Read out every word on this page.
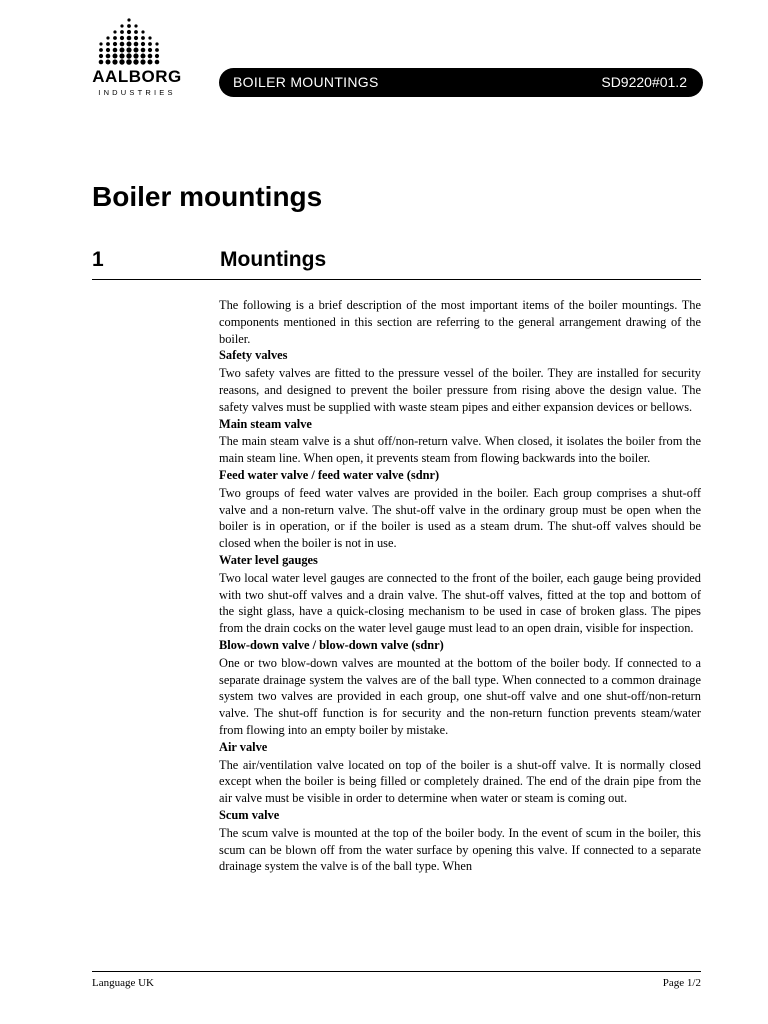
AALBORG
INDUSTRIES
BOILER MOUNTINGS	SD9220#01.2
Boiler mountings
1	Mountings

The following is a brief description of the most important items of the boiler mountings. The components mentioned in this section are referring to the general arrangement drawing of the boiler.

Safety valves

Two safety valves are fitted to the pressure vessel of the boiler. They are installed for security reasons, and designed to prevent the boiler pressure from rising above the design value. The safety valves must be supplied with waste steam pipes and either expansion devices or bellows.

Main steam valve

The main steam valve is a shut off/non-return valve. When closed, it isolates the boiler from the main steam line. When open, it prevents steam from flowing backwards into the boiler.

Feed water valve / feed water valve (sdnr)

Two groups of feed water valves are provided in the boiler. Each group comprises a shut-off valve and a non-return valve. The shut-off valve in the ordinary group must be open when the boiler is in operation, or if the boiler is used as a steam drum. The shut-off valves should be closed when the boiler is not in use.

Water level gauges

Two local water level gauges are connected to the front of the boiler, each gauge being provided with two shut-off valves and a drain valve. The shut-off valves, fitted at the top and bottom of the sight glass, have a quick-closing mechanism to be used in case of broken glass. The pipes from the drain cocks on the water level gauge must lead to an open drain, visible for inspection.

Blow-down valve / blow-down valve (sdnr)

One or two blow-down valves are mounted at the bottom of the boiler body. If connected to a separate drainage system the valves are of the ball type. When connected to a common drainage system two valves are provided in each group, one shut-off valve and one shut-off/non-return valve. The shut-off function is for security and the non-return function prevents steam/water from flowing into an empty boiler by mistake.

Air valve

The air/ventilation valve located on top of the boiler is a shut-off valve. It is normally closed except when the boiler is being filled or completely drained. The end of the drain pipe from the air valve must be visible in order to determine when water or steam is coming out.

Scum valve

The scum valve is mounted at the top of the boiler body. In the event of scum in the boiler, this scum can be blown off from the water surface by opening this valve. If connected to a separate drainage system the valve is of the ball type. When

Language UK	Page 1/2
